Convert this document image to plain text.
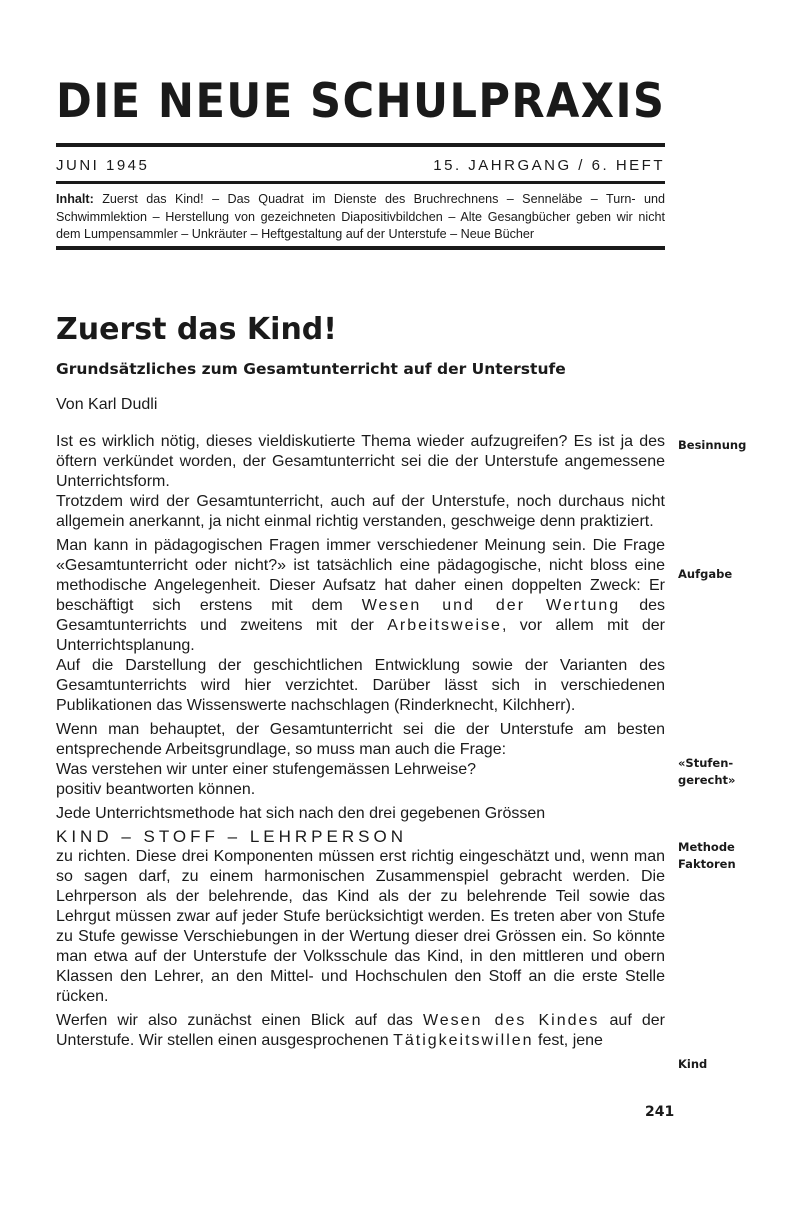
DIE NEUE SCHULPRAXIS
JUNI 1945	15. JAHRGANG / 6. HEFT
Inhalt: Zuerst das Kind! – Das Quadrat im Dienste des Bruchrechnens – Senneläbe – Turn- und Schwimmlektion – Herstellung von gezeichneten Diapositivbildchen – Alte Gesangbücher geben wir nicht dem Lumpensammler – Unkräuter – Heftgestaltung auf der Unterstufe – Neue Bücher
Zuerst das Kind!
Grundsätzliches zum Gesamtunterricht auf der Unterstufe
Von Karl Dudli

Ist es wirklich nötig, dieses vieldiskutierte Thema wieder aufzugreifen? Es ist ja des öftern verkündet worden, der Gesamtunterricht sei die der Unterstufe angemessene Unterrichtsform.

Trotzdem wird der Gesamtunterricht, auch auf der Unterstufe, noch durchaus nicht allgemein anerkannt, ja nicht einmal richtig verstanden, geschweige denn praktiziert.

Man kann in pädagogischen Fragen immer verschiedener Meinung sein. Die Frage «Gesamtunterricht oder nicht?» ist tatsächlich eine pädagogische, nicht bloss eine methodische Angelegenheit. Dieser Aufsatz hat daher einen doppelten Zweck: Er beschäftigt sich erstens mit dem Wesen und der Wertung des Gesamtunterrichts und zweitens mit der Arbeitsweise, vor allem mit der Unterrichtsplanung.

Auf die Darstellung der geschichtlichen Entwicklung sowie der Varianten des Gesamtunterrichts wird hier verzichtet. Darüber lässt sich in verschiedenen Publikationen das Wissenswerte nachschlagen (Rinderknecht, Kilchherr).

Wenn man behauptet, der Gesamtunterricht sei die der Unterstufe am besten entsprechende Arbeitsgrundlage, so muss man auch die Frage:

Was verstehen wir unter einer stufengemässen Lehrweise?

positiv beantworten können.

Jede Unterrichtsmethode hat sich nach den drei gegebenen Grössen

KIND – STOFF – LEHRPERSON

zu richten. Diese drei Komponenten müssen erst richtig eingeschätzt und, wenn man so sagen darf, zu einem harmonischen Zusammenspiel gebracht werden. Die Lehrperson als der belehrende, das Kind als der zu belehrende Teil sowie das Lehrgut müssen zwar auf jeder Stufe berücksichtigt werden. Es treten aber von Stufe zu Stufe gewisse Verschiebungen in der Wertung dieser drei Grössen ein. So könnte man etwa auf der Unterstufe der Volksschule das Kind, in den mittleren und obern Klassen den Lehrer, an den Mittel- und Hochschulen den Stoff an die erste Stelle rücken.

Werfen wir also zunächst einen Blick auf das Wesen des Kindes auf der Unterstufe. Wir stellen einen ausgesprochenen Tätigkeitswillen fest, jene

Besinnung
Aufgabe
«Stufen-
gerecht»
Methode
Faktoren
Kind
241
